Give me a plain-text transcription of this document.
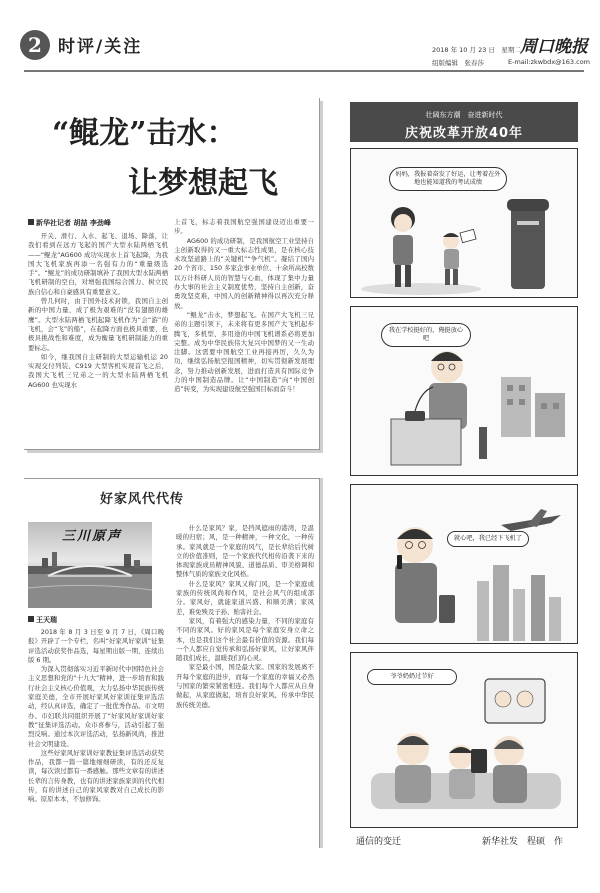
2 时评/关注	2018 年 10 月 23 日　星期二 周口晚报
组版编辑　张春莎	E-mail:zkwbdx@163.com
“鲲龙”击水：
让梦想起飞
新华社记者 胡喆 李劲峰

开关、滑行、入水、起飞、退场、降落，让我们看到在远方飞起的国产大型水陆两栖飞机——“鲲龙”AG600 成功实现水上首飞起降，为我国大飞机家族再添一名强有力的“重量级选手”。“鲲龙”的成功研制填补了我国大型水陆两栖飞机研制的空白，对增强我国综合国力、树立民族自信心和自豪感具有重要意义。

曾几何时，由于国外技术封锁，我国自主创新的中国力量，成了极为艰难的“没有翅膀的雄鹰”。大型水陆两栖飞机起降飞机作为“会“游”的飞机，会“飞”的船”，在起降方面也极具重要，也极具挑战性和难度，成为衡量飞机研制能力的重要标志。

如今，继我国自主研制的大型运输机运 20 实现交付列装、C919 大型客机实现首飞之后，我国大飞机三兄弟之一的大型水陆两栖飞机 AG600 也实现水

上首飞，标志着我国航空强国建设迈出重要一步。

AG600 的成功研制，是我国航空工业坚持自主创新取得的又一重大标志性成果，是在核心技术攻坚道路上的“关键机”“争气机”。凝结了国内 20 个省市、150 多家企事业单位、十余所高校数以万计科研人员的智慧与心血，体现了集中力量办大事的社会主义制度优势，坚持自主创新，奋勇攻坚克难，中国人的创新精神得以再次充分释放。

“鲲龙”击水，梦想起飞。在国产大飞机三兄弟的主题引领下，未来将有更多国产大飞机起步腾飞，多机型、多用途的中国飞机谱系必将更加完整。成为中华民族伟大复兴中国梦的又一生动注脚。这需要中国航空工业再接再厉，久久为功，继续弘扬航空报国精神，切实贯彻新发展理念，努力推动创新发展，进而打造具有国际竞争力的中国制造品牌。让“中国制造”向“中国创造”转变，为实现建设航空强国目标而奋斗！

好家风代代传
三川原声
王天瑞

2018 年 8 月 3 日至 9 月 7 日，《周口晚报》开辟了一个专栏，名叫“好家风好家训”征集评选活动获奖作品选，每星期出版一期，连续出版 6 期。

为深入贯彻落实习近平新时代中国特色社会主义思想和党的“十九大”精神，进一步培育和践行社会主义核心价值观，大力弘扬中华民族传统家庭美德，全市开展好家风好家训征集评选活动，经认真评选，确定了一批优秀作品。市文明办、市妇联共同组织开展了“好家风好家训好家教”征集评选活动。众市喜参与，活动引起了强烈反响。通过本次评选活动，弘扬新风尚，推进社会文明建设。

这些好家风好家训好家教征集评选活动获奖作品，我都一篇一篇地细细研读，有的还反复读，每次读过都有一番感触。那些文章有的讲述长辈的言传身教，也有的讲述家族家训的代代相传，有的讲述自己的家风家教对自己成长的影响。原原本本，不加修饰。

什么是家风？家，是挡风遮雨的港湾，是温暖的归宿；风，是一种精神，一种文化，一种传承。家风就是一个家庭的风气，是长辈给后代树立的价值准则，是一个家族代代相传沿袭下来的体现家族成员精神风貌、道德品质、审美格调和整体气质的家族文化风格。

什么是家风？家风又称门风，是一个家庭或家族的传统风尚和作风，是社会风气的组成部分。家风好，就能家道兴盛、和顺美满；家风差，难免殃及子孙、贻害社会。

家风，有着强大的感染力量，不同的家庭有不同的家风。好的家风是每个家庭安身立命之本，也是我们这个社会最有价值的资源。我们每一个人都应自觉传承和弘扬好家风，让好家风伴随我们成长，温暖我们的心灵。

家是最小国，国是最大家。国家的发展离不开每个家庭的进步，而每一个家庭的幸福又必然与国家的繁荣紧密相连。我们每个人都应从自身做起，从家庭做起，培育良好家风，传承中华民族传统美德。

壮阔东方潮　奋进新时代
庆祝改革开放40年
妈妈，我报着奋发了好运，让考着在外地也能知道我的考试成绩
我在学校挺好的，俺挺放心吧
就心吧，我已经下飞机了
爷爷奶奶过节好
通信的变迁	新华社发　程硕　作
